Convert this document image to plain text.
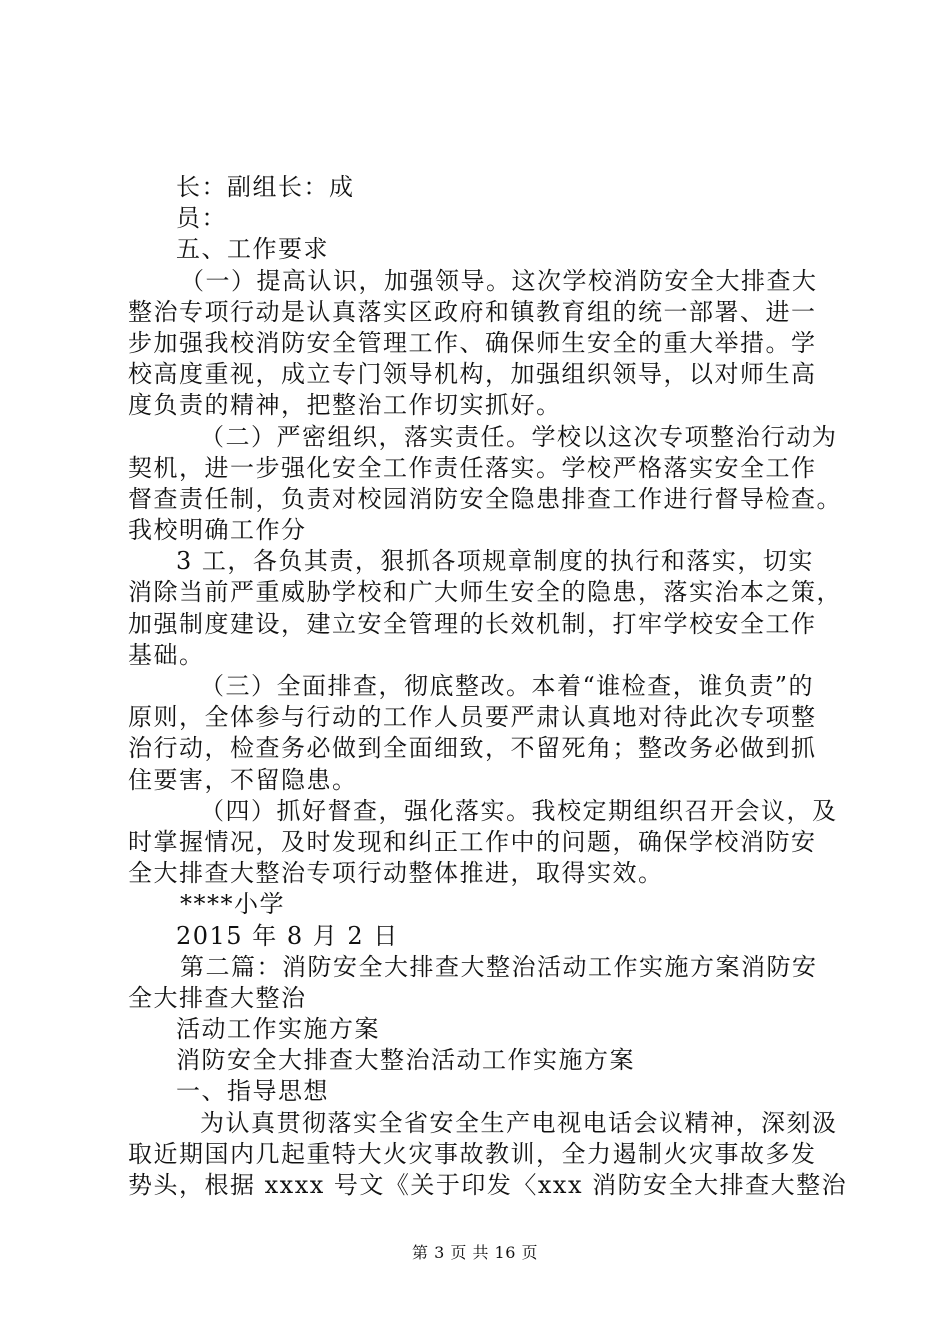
长：副组长：成
员：
五、工作要求
（一）提高认识，加强领导。这次学校消防安全大排查大
整治专项行动是认真落实区政府和镇教育组的统一部署、进一
步加强我校消防安全管理工作、确保师生安全的重大举措。学
校高度重视，成立专门领导机构，加强组织领导，以对师生高
度负责的精神，把整治工作切实抓好。
（二）严密组织，落实责任。学校以这次专项整治行动为
契机，进一步强化安全工作责任落实。学校严格落实安全工作
督查责任制，负责对校园消防安全隐患排查工作进行督导检查。
我校明确工作分
3 工，各负其责，狠抓各项规章制度的执行和落实，切实
消除当前严重威胁学校和广大师生安全的隐患，落实治本之策，
加强制度建设，建立安全管理的长效机制，打牢学校安全工作
基础。
（三）全面排查，彻底整改。本着“谁检查，谁负责”的
原则，全体参与行动的工作人员要严肃认真地对待此次专项整
治行动，检查务必做到全面细致，不留死角；整改务必做到抓
住要害，不留隐患。
（四）抓好督查，强化落实。我校定期组织召开会议，及
时掌握情况，及时发现和纠正工作中的问题，确保学校消防安
全大排查大整治专项行动整体推进，取得实效。
****小学
2015 年 8 月 2 日
第二篇：消防安全大排查大整治活动工作实施方案消防安
全大排查大整治
活动工作实施方案
消防安全大排查大整治活动工作实施方案
一、指导思想
为认真贯彻落实全省安全生产电视电话会议精神，深刻汲
取近期国内几起重特大火灾事故教训，全力遏制火灾事故多发
势头，根据 xxxx 号文《关于印发〈xxx 消防安全大排查大整治
第 3 页 共 16 页
